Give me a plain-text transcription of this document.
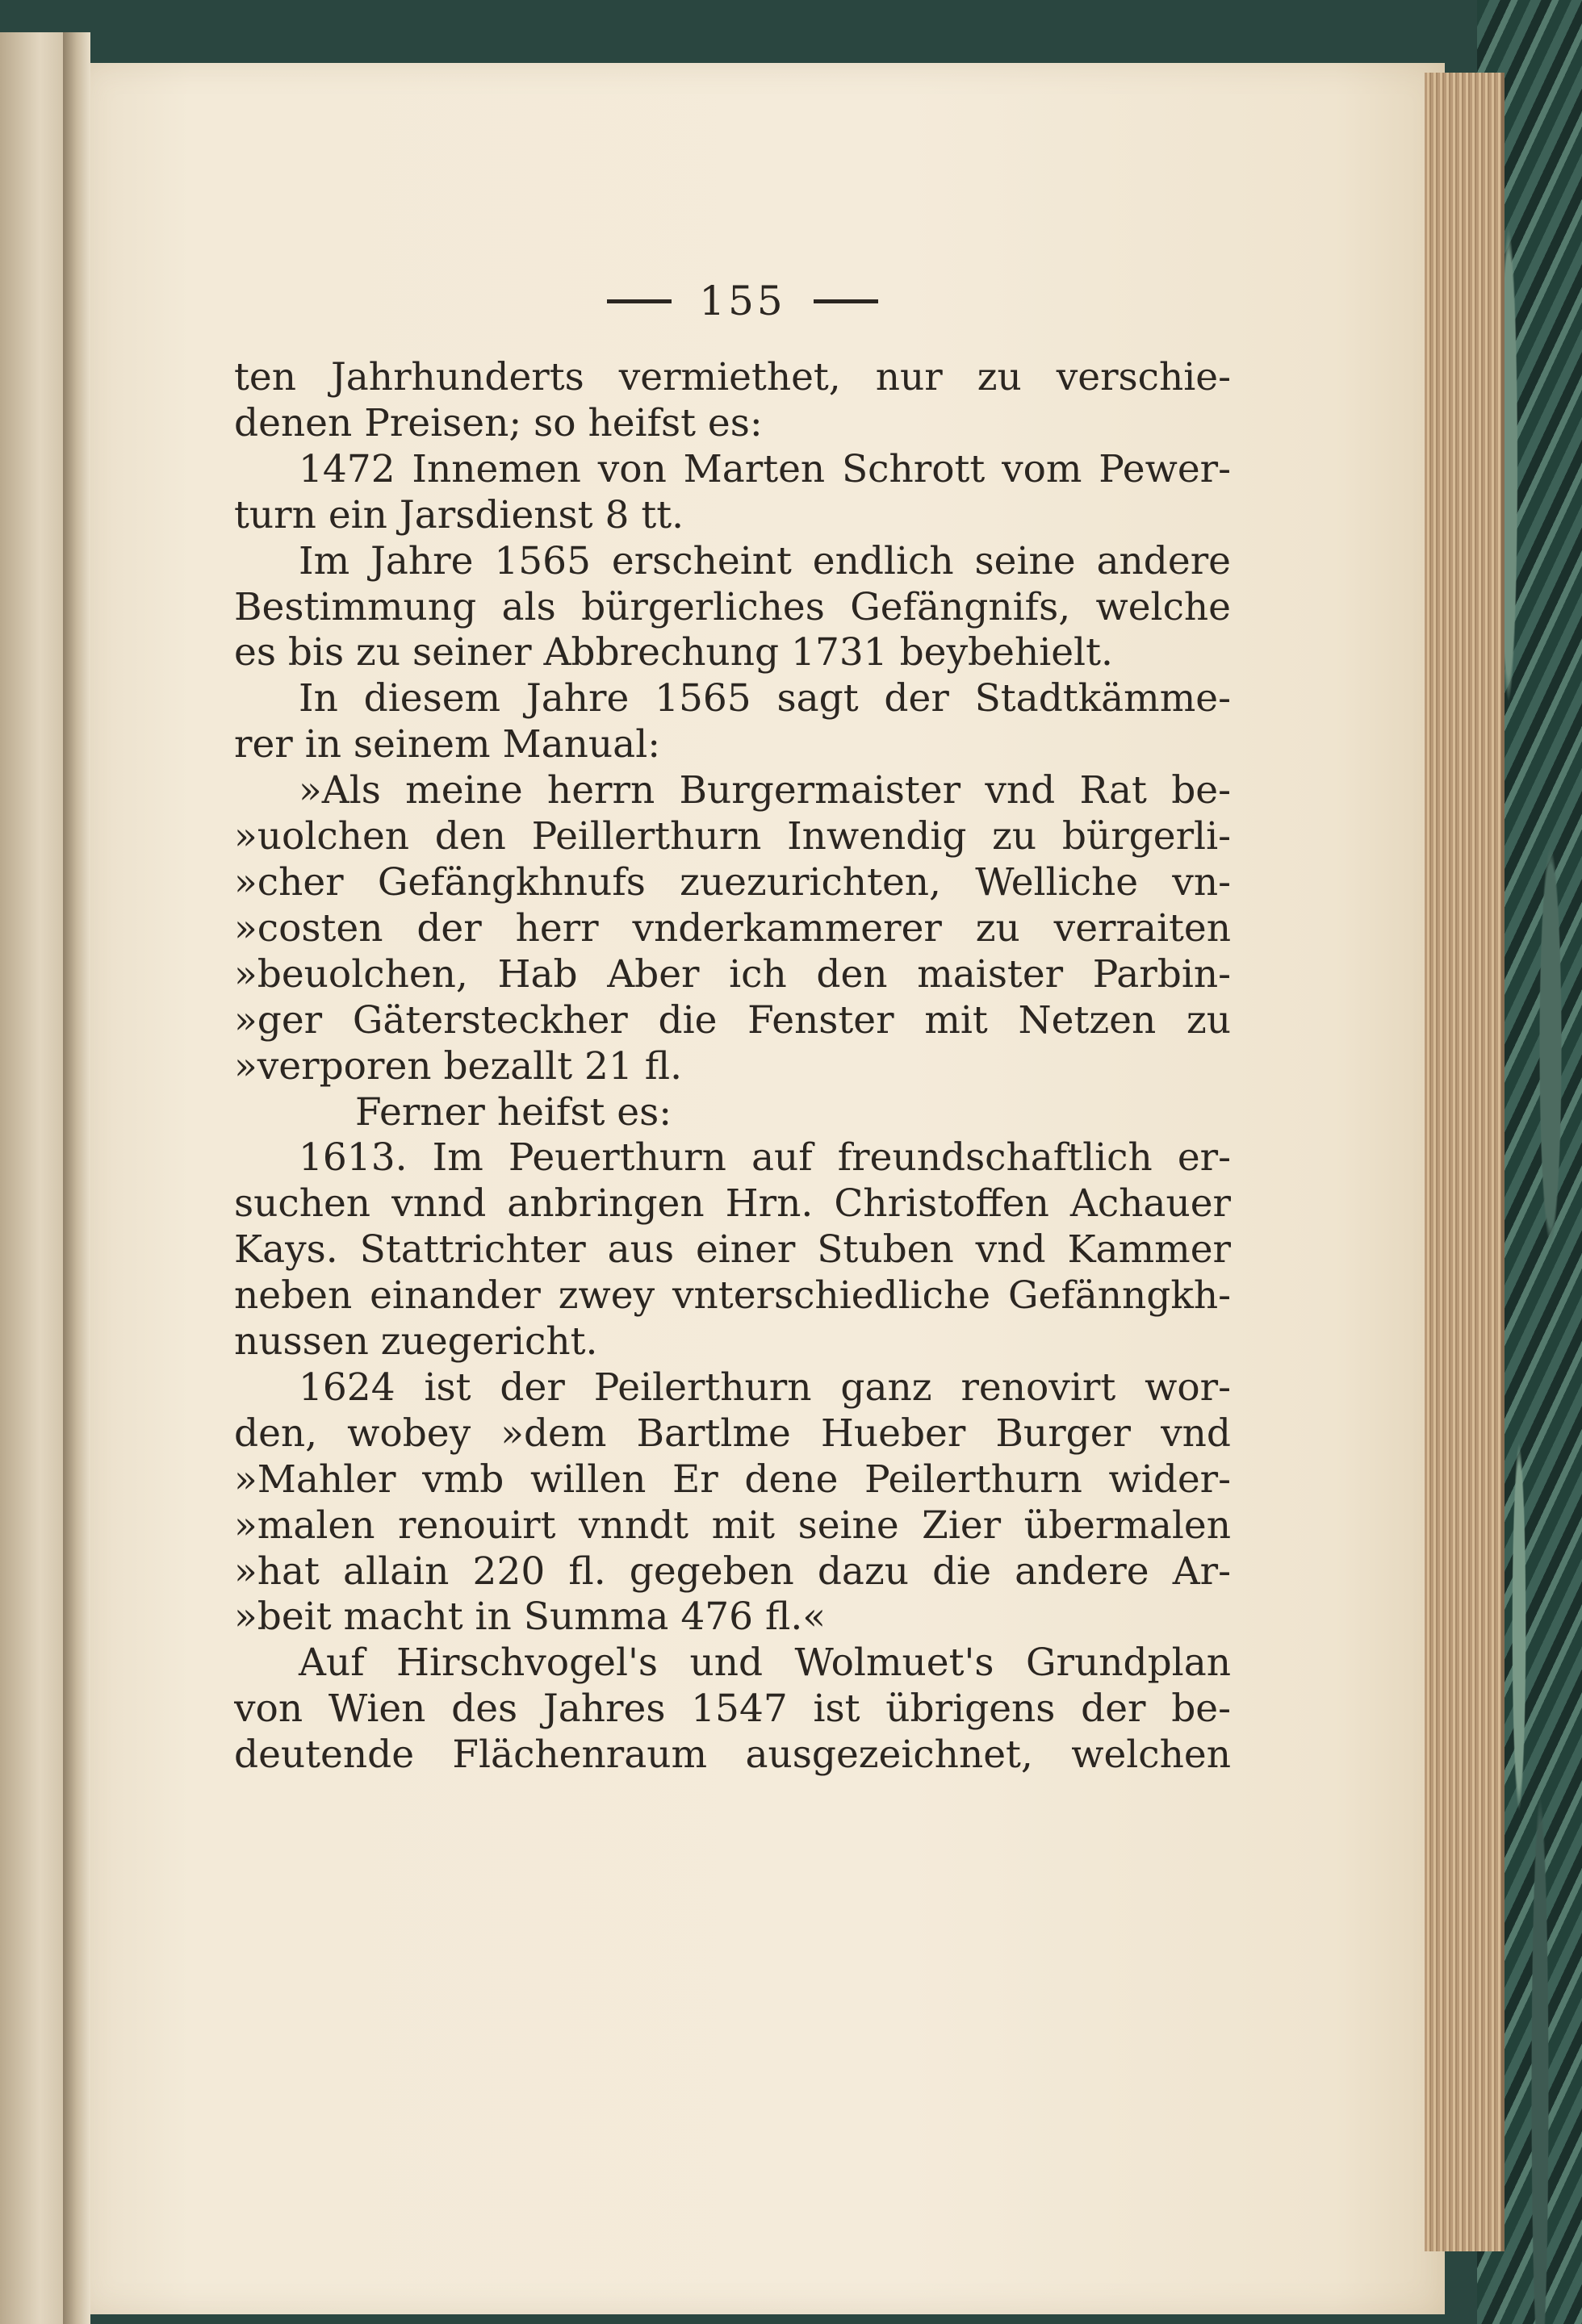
155
ten Jahrhunderts vermiethet, nur zu verschie-
denen Preisen; so heifst es:
1472 Innemen von Marten Schrott vom Pewer-
turn ein Jarsdienst 8 tt.
Im Jahre 1565 erscheint endlich seine andere
Bestimmung als bürgerliches Gefängnifs, welche
es bis zu seiner Abbrechung 1731 beybehielt.
In diesem Jahre 1565 sagt der Stadtkämme-
rer in seinem Manual:
»Als meine herrn Burgermaister vnd Rat be-
»uolchen den Peillerthurn Inwendig zu bürgerli-
»cher Gefängkhnufs zuezurichten, Welliche vn-
»costen der herr vnderkammerer zu verraiten
»beuolchen, Hab Aber ich den maister Parbin-
»ger Gätersteckher die Fenster mit Netzen zu
»verporen bezallt 21 fl.
Ferner heifst es:
1613. Im Peuerthurn auf freundschaftlich er-
suchen vnnd anbringen Hrn. Christoffen Achauer
Kays. Stattrichter aus einer Stuben vnd Kammer
neben einander zwey vnterschiedliche Gefänngkh-
nussen zuegericht.
1624 ist der Peilerthurn ganz renovirt wor-
den, wobey »dem Bartlme Hueber Burger vnd
»Mahler vmb willen Er dene Peilerthurn wider-
»malen renouirt vnndt mit seine Zier übermalen
»hat allain 220 fl. gegeben dazu die andere Ar-
»beit macht in Summa 476 fl.«
Auf Hirschvogel's und Wolmuet's Grundplan
von Wien des Jahres 1547 ist übrigens der be-
deutende Flächenraum ausgezeichnet, welchen
